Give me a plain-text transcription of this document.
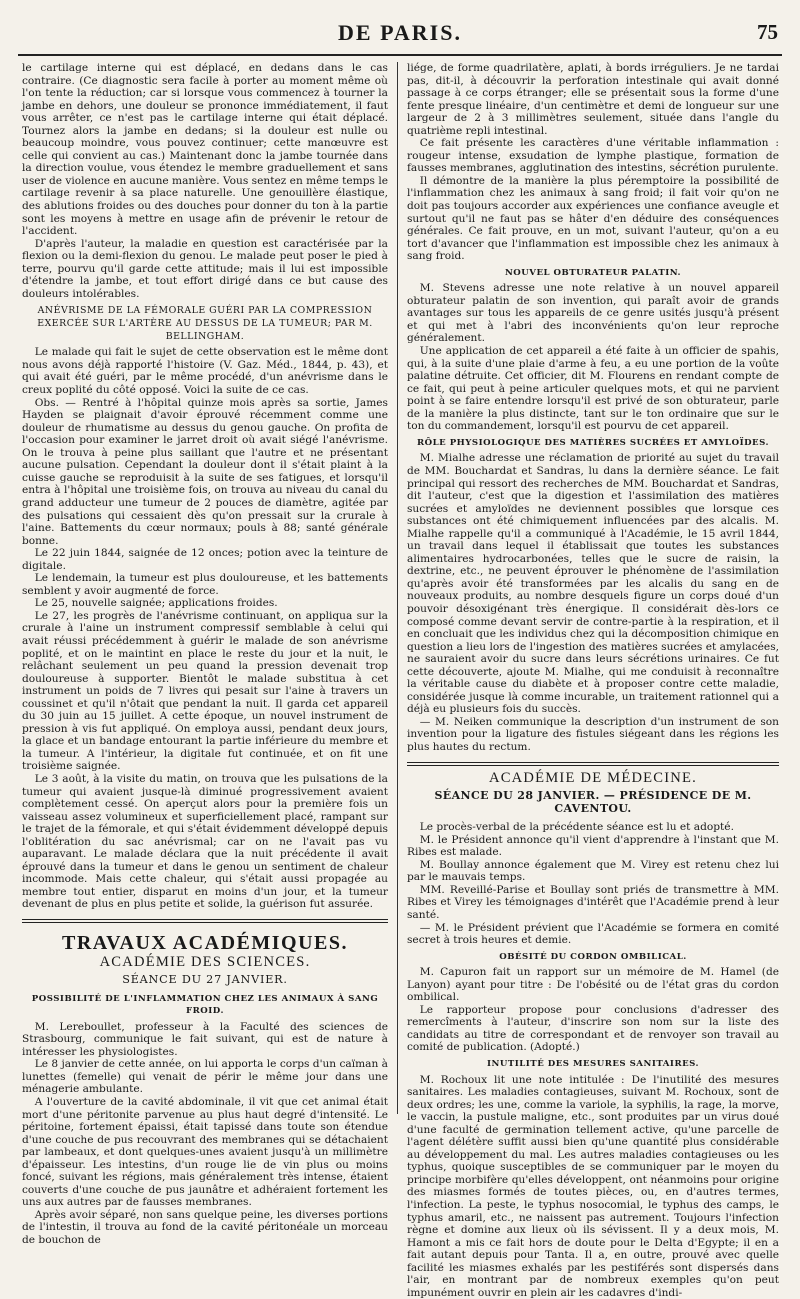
DE PARIS.	75

le cartilage interne qui est déplacé, en dedans dans le cas contraire. (Ce diagnostic sera facile à porter au moment même où l'on tente la réduction; car si lorsque vous commencez à tourner la jambe en dehors, une douleur se prononce immédiatement, il faut vous arrêter, ce n'est pas le cartilage interne qui était déplacé. Tournez alors la jambe en dedans; si la douleur est nulle ou beaucoup moindre, vous pouvez continuer; cette manœuvre est celle qui convient au cas.) Maintenant donc la jambe tournée dans la direction voulue, vous étendez le membre graduellement et sans user de violence en aucune manière. Vous sentez en même temps le cartilage revenir à sa place naturelle. Une genouillère élastique, des ablutions froides ou des douches pour donner du ton à la partie sont les moyens à mettre en usage afin de prévenir le retour de l'accident.

D'après l'auteur, la maladie en question est caractérisée par la flexion ou la demi-flexion du genou. Le malade peut poser le pied à terre, pourvu qu'il garde cette attitude; mais il lui est impossible d'étendre la jambe, et tout effort dirigé dans ce but cause des douleurs intolérables.

ANÉVRISME DE LA FÉMORALE GUÉRI PAR LA COMPRESSION EXERCÉE SUR L'ARTÈRE AU DESSUS DE LA TUMEUR; PAR M. BELLINGHAM.

Le malade qui fait le sujet de cette observation est le même dont nous avons déjà rapporté l'histoire (V. Gaz. Méd., 1844, p. 43), et qui avait été guéri, par le même procédé, d'un anévrisme dans le creux poplité du côté opposé. Voici la suite de ce cas.

Obs. — Rentré à l'hôpital quinze mois après sa sortie, James Hayden se plaignait d'avoir éprouvé récemment comme une douleur de rhumatisme au dessus du genou gauche. On profita de l'occasion pour examiner le jarret droit où avait siégé l'anévrisme. On le trouva à peine plus saillant que l'autre et ne présentant aucune pulsation. Cependant la douleur dont il s'était plaint à la cuisse gauche se reproduisit à la suite de ses fatigues, et lorsqu'il entra à l'hôpital une troisième fois, on trouva au niveau du canal du grand adducteur une tumeur de 2 pouces de diamètre, agitée par des pulsations qui cessaient dès qu'on pressait sur la crurale à l'aine. Battements du cœur normaux; pouls à 88; santé générale bonne.

Le 22 juin 1844, saignée de 12 onces; potion avec la teinture de digitale.

Le lendemain, la tumeur est plus douloureuse, et les battements semblent y avoir augmenté de force.

Le 25, nouvelle saignée; applications froides.

Le 27, les progrès de l'anévrisme continuant, on appliqua sur la crurale à l'aine un instrument compressif semblable à celui qui avait réussi précédemment à guérir le malade de son anévrisme poplité, et on le maintint en place le reste du jour et la nuit, le relâchant seulement un peu quand la pression devenait trop douloureuse à supporter. Bientôt le malade substitua à cet instrument un poids de 7 livres qui pesait sur l'aine à travers un coussinet et qu'il n'ôtait que pendant la nuit. Il garda cet appareil du 30 juin au 15 juillet. A cette époque, un nouvel instrument de pression à vis fut appliqué. On employa aussi, pendant deux jours, la glace et un bandage entourant la partie inférieure du membre et la tumeur. A l'intérieur, la digitale fut continuée, et on fit une troisième saignée.

Le 3 août, à la visite du matin, on trouva que les pulsations de la tumeur qui avaient jusque-là diminué progressivement avaient complètement cessé. On aperçut alors pour la première fois un vaisseau assez volumineux et superficiellement placé, rampant sur le trajet de la fémorale, et qui s'était évidemment développé depuis l'oblitération du sac anévrismal; car on ne l'avait pas vu auparavant. Le malade déclara que la nuit précédente il avait éprouvé dans la tumeur et dans le genou un sentiment de chaleur incommode. Mais cette chaleur, qui s'était aussi propagée au membre tout entier, disparut en moins d'un jour, et la tumeur devenant de plus en plus petite et solide, la guérison fut assurée.

TRAVAUX ACADÉMIQUES.
ACADÉMIE DES SCIENCES.
SÉANCE DU 27 JANVIER.
POSSIBILITÉ DE L'INFLAMMATION CHEZ LES ANIMAUX À SANG FROID.

M. Lereboullet, professeur à la Faculté des sciences de Strasbourg, communique le fait suivant, qui est de nature à intéresser les physiologistes.

Le 8 janvier de cette année, on lui apporta le corps d'un caïman à lunettes (femelle) qui venait de périr le même jour dans une ménagerie ambulante.

A l'ouverture de la cavité abdominale, il vit que cet animal était mort d'une péritonite parvenue au plus haut degré d'intensité. Le péritoine, fortement épaissi, était tapissé dans toute son étendue d'une couche de pus recouvrant des membranes qui se détachaient par lambeaux, et dont quelques-unes avaient jusqu'à un millimètre d'épaisseur. Les intestins, d'un rouge lie de vin plus ou moins foncé, suivant les régions, mais généralement très intense, étaient couverts d'une couche de pus jaunâtre et adhéraient fortement les uns aux autres par de fausses membranes.

Après avoir séparé, non sans quelque peine, les diverses portions de l'intestin, il trouva au fond de la cavité péritonéale un morceau de bouchon de

liége, de forme quadrilatère, aplati, à bords irréguliers. Je ne tardai pas, dit-il, à découvrir la perforation intestinale qui avait donné passage à ce corps étranger; elle se présentait sous la forme d'une fente presque linéaire, d'un centimètre et demi de longueur sur une largeur de 2 à 3 millimètres seulement, située dans l'angle du quatrième repli intestinal.

Ce fait présente les caractères d'une véritable inflammation : rougeur intense, exsudation de lymphe plastique, formation de fausses membranes, agglutination des intestins, sécrétion purulente.

Il démontre de la manière la plus péremptoire la possibilité de l'inflammation chez les animaux à sang froid; il fait voir qu'on ne doit pas toujours accorder aux expériences une confiance aveugle et surtout qu'il ne faut pas se hâter d'en déduire des conséquences générales. Ce fait prouve, en un mot, suivant l'auteur, qu'on a eu tort d'avancer que l'inflammation est impossible chez les animaux à sang froid.

NOUVEL OBTURATEUR PALATIN.

M. Stevens adresse une note relative à un nouvel appareil obturateur palatin de son invention, qui paraît avoir de grands avantages sur tous les appareils de ce genre usités jusqu'à présent et qui met à l'abri des inconvénients qu'on leur reproche généralement.

Une application de cet appareil a été faite à un officier de spahis, qui, à la suite d'une plaie d'arme à feu, a eu une portion de la voûte palatine détruite. Cet officier, dit M. Flourens en rendant compte de ce fait, qui peut à peine articuler quelques mots, et qui ne parvient point à se faire entendre lorsqu'il est privé de son obturateur, parle de la manière la plus distincte, tant sur le ton ordinaire que sur le ton du commandement, lorsqu'il est pourvu de cet appareil.

RÔLE PHYSIOLOGIQUE DES MATIÈRES SUCRÉES ET AMYLOÏDES.

M. Mialhe adresse une réclamation de priorité au sujet du travail de MM. Bouchardat et Sandras, lu dans la dernière séance. Le fait principal qui ressort des recherches de MM. Bouchardat et Sandras, dit l'auteur, c'est que la digestion et l'assimilation des matières sucrées et amyloïdes ne deviennent possibles que lorsque ces substances ont été chimiquement influencées par des alcalis. M. Mialhe rappelle qu'il a communiqué à l'Académie, le 15 avril 1844, un travail dans lequel il établissait que toutes les substances alimentaires hydrocarbonées, telles que le sucre de raisin, la dextrine, etc., ne peuvent éprouver le phénomène de l'assimilation qu'après avoir été transformées par les alcalis du sang en de nouveaux produits, au nombre desquels figure un corps doué d'un pouvoir désoxigénant très énergique. Il considérait dès-lors ce composé comme devant servir de contre-partie à la respiration, et il en concluait que les individus chez qui la décomposition chimique en question a lieu lors de l'ingestion des matières sucrées et amylacées, ne sauraient avoir du sucre dans leurs sécrétions urinaires. Ce fut cette découverte, ajoute M. Mialhe, qui me conduisit à reconnaître la véritable cause du diabète et à proposer contre cette maladie, considérée jusque là comme incurable, un traitement rationnel qui a déjà eu plusieurs fois du succès.

— M. Neiken communique la description d'un instrument de son invention pour la ligature des fistules siégeant dans les régions les plus hautes du rectum.

ACADÉMIE DE MÉDECINE.
SÉANCE DU 28 JANVIER. — PRÉSIDENCE DE M. CAVENTOU.

Le procès-verbal de la précédente séance est lu et adopté.

M. le Président annonce qu'il vient d'apprendre à l'instant que M. Ribes est malade.

M. Boullay annonce également que M. Virey est retenu chez lui par le mauvais temps.

MM. Reveillé-Parise et Boullay sont priés de transmettre à MM. Ribes et Virey les témoignages d'intérêt que l'Académie prend à leur santé.

— M. le Président prévient que l'Académie se formera en comité secret à trois heures et demie.

OBÉSITÉ DU CORDON OMBILICAL.

M. Capuron fait un rapport sur un mémoire de M. Hamel (de Lanyon) ayant pour titre : De l'obésité ou de l'état gras du cordon ombilical.

Le rapporteur propose pour conclusions d'adresser des remercîments à l'auteur, d'inscrire son nom sur la liste des candidats au titre de correspondant et de renvoyer son travail au comité de publication. (Adopté.)

INUTILITÉ DES MESURES SANITAIRES.

M. Rochoux lit une note intitulée : De l'inutilité des mesures sanitaires. Les maladies contagieuses, suivant M. Rochoux, sont de deux ordres; les une, comme la variole, la syphilis, la rage, la morve, le vaccin, la pustule maligne, etc., sont produites par un virus doué d'une faculté de germination tellement active, qu'une parcelle de l'agent délétère suffit aussi bien qu'une quantité plus considérable au développement du mal. Les autres maladies contagieuses ou les typhus, quoique susceptibles de se communiquer par le moyen du principe morbifère qu'elles développent, ont néanmoins pour origine des miasmes formés de toutes pièces, ou, en d'autres termes, l'infection. La peste, le typhus nosocomial, le typhus des camps, le typhus amaril, etc., ne naissent pas autrement. Toujours l'infection règne et domine aux lieux où ils sévissent. Il y a deux mois, M. Hamont a mis ce fait hors de doute pour le Delta d'Egypte; il en a fait autant depuis pour Tanta. Il a, en outre, prouvé avec quelle facilité les miasmes exhalés par les pestiférés sont dispersés dans l'air, en montrant par de nombreux exemples qu'on peut impunément ouvrir en plein air les cadavres d'indi-
